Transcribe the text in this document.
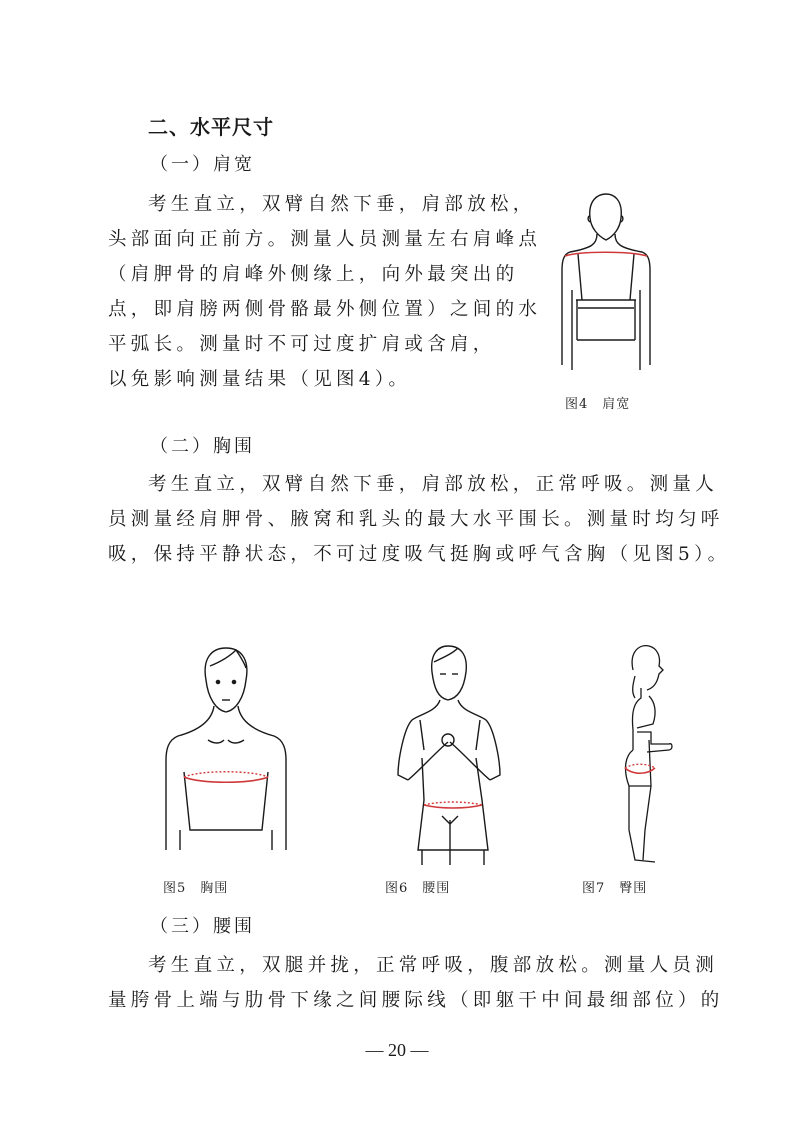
二、水平尺寸
（一）肩宽
考生直立，双臂自然下垂，肩部放松，
头部面向正前方。测量人员测量左右肩峰点
（肩胛骨的肩峰外侧缘上，向外最突出的
点，即肩膀两侧骨骼最外侧位置）之间的水
平弧长。测量时不可过度扩肩或含肩，
以免影响测量结果（见图4）。
图4 肩宽
（二）胸围
考生直立，双臂自然下垂，肩部放松，正常呼吸。测量人
员测量经肩胛骨、腋窝和乳头的最大水平围长。测量时均匀呼
吸，保持平静状态，不可过度吸气挺胸或呼气含胸（见图5）。
图5 胸围	图6 腰围	图7 臀围
（三）腰围
考生直立，双腿并拢，正常呼吸，腹部放松。测量人员测
量胯骨上端与肋骨下缘之间腰际线（即躯干中间最细部位）的
— 20 —
